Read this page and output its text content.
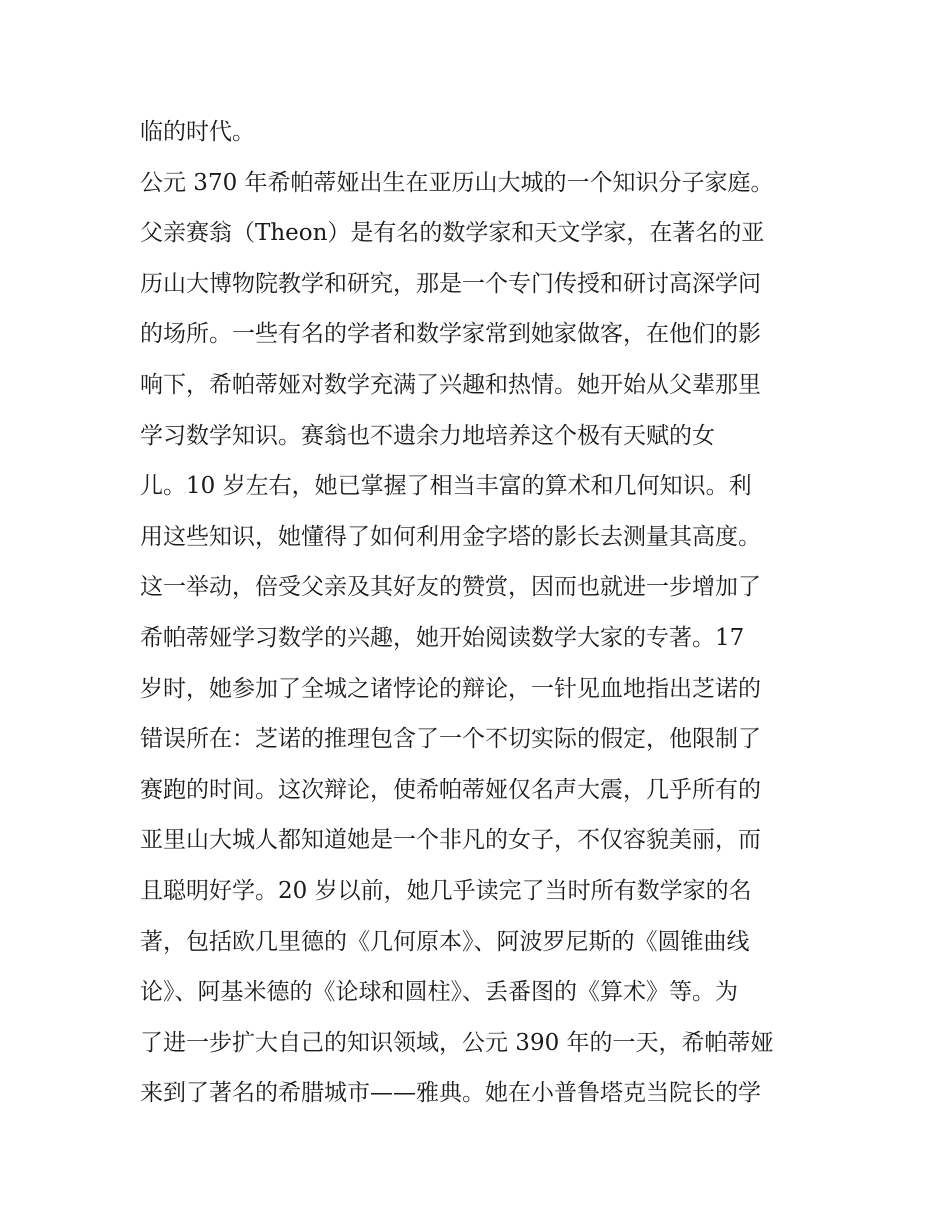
临的时代。
公元 370 年希帕蒂娅出生在亚历山大城的一个知识分子家庭。
父亲赛翁（Theon）是有名的数学家和天文学家，在著名的亚
历山大博物院教学和研究，那是一个专门传授和研讨高深学问
的场所。一些有名的学者和数学家常到她家做客，在他们的影
响下，希帕蒂娅对数学充满了兴趣和热情。她开始从父辈那里
学习数学知识。赛翁也不遗余力地培养这个极有天赋的女
儿。10 岁左右，她已掌握了相当丰富的算术和几何知识。利
用这些知识，她懂得了如何利用金字塔的影长去测量其高度。
这一举动，倍受父亲及其好友的赞赏，因而也就进一步增加了
希帕蒂娅学习数学的兴趣，她开始阅读数学大家的专著。17
岁时，她参加了全城之诸悖论的辩论，一针见血地指出芝诺的
错误所在：芝诺的推理包含了一个不切实际的假定，他限制了
赛跑的时间。这次辩论，使希帕蒂娅仅名声大震，几乎所有的
亚里山大城人都知道她是一个非凡的女子，不仅容貌美丽，而
且聪明好学。20 岁以前，她几乎读完了当时所有数学家的名
著，包括欧几里德的《几何原本》、阿波罗尼斯的《圆锥曲线
论》、阿基米德的《论球和圆柱》、丢番图的《算术》等。为
了进一步扩大自己的知识领域，公元 390 年的一天，希帕蒂娅
来到了著名的希腊城市——雅典。她在小普鲁塔克当院长的学
